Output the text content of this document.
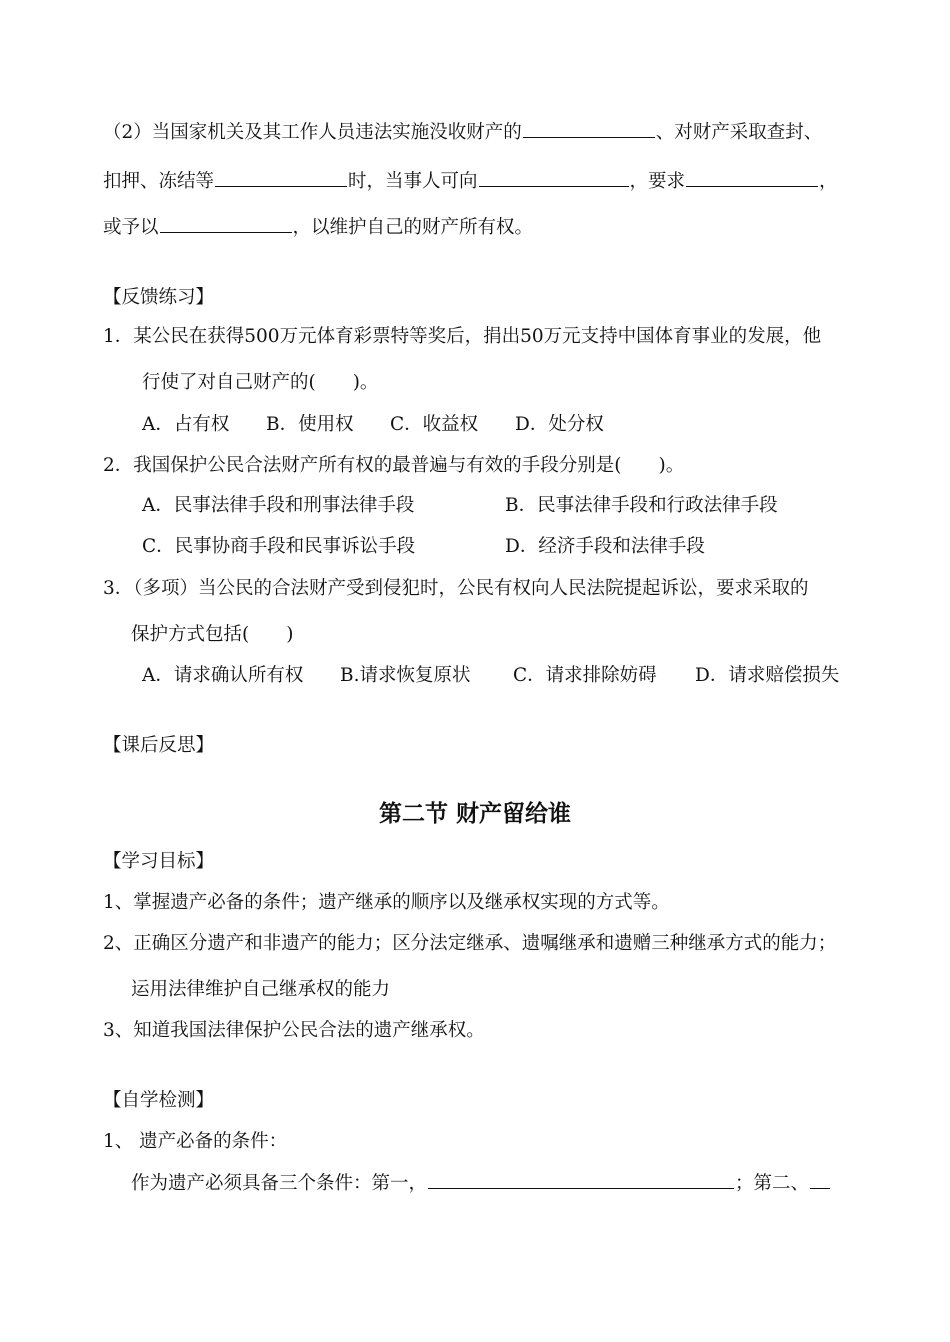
（2）当国家机关及其工作人员违法实施没收财产的	、对财产采取查封、
扣押、冻结等	时，当事人可向	，要求	，
或予以	，以维护自己的财产所有权。
【反馈练习】
1．某公民在获得500万元体育彩票特等奖后，捐出50万元支持中国体育事业的发展，他
行使了对自己财产的(　　)。
A．占有权 B．使用权 C．收益权 D．处分权
2．我国保护公民合法财产所有权的最普遍与有效的手段分别是(　　)。
A．民事法律手段和刑事法律手段	B．民事法律手段和行政法律手段
C．民事协商手段和民事诉讼手段	D．经济手段和法律手段
3．（多项）当公民的合法财产受到侵犯时，公民有权向人民法院提起诉讼，要求采取的
保护方式包括(　　)
A．请求确认所有权 B.请求恢复原状 C．请求排除妨碍 D．请求赔偿损失
【课后反思】
第二节 财产留给谁
【学习目标】
1、掌握遗产必备的条件；遗产继承的顺序以及继承权实现的方式等。
2、正确区分遗产和非遗产的能力；区分法定继承、遗嘱继承和遗赠三种继承方式的能力；
运用法律维护自己继承权的能力
3、知道我国法律保护公民合法的遗产继承权。
【自学检测】
1、 遗产必备的条件：
作为遗产必须具备三个条件：第一，	；第二、
